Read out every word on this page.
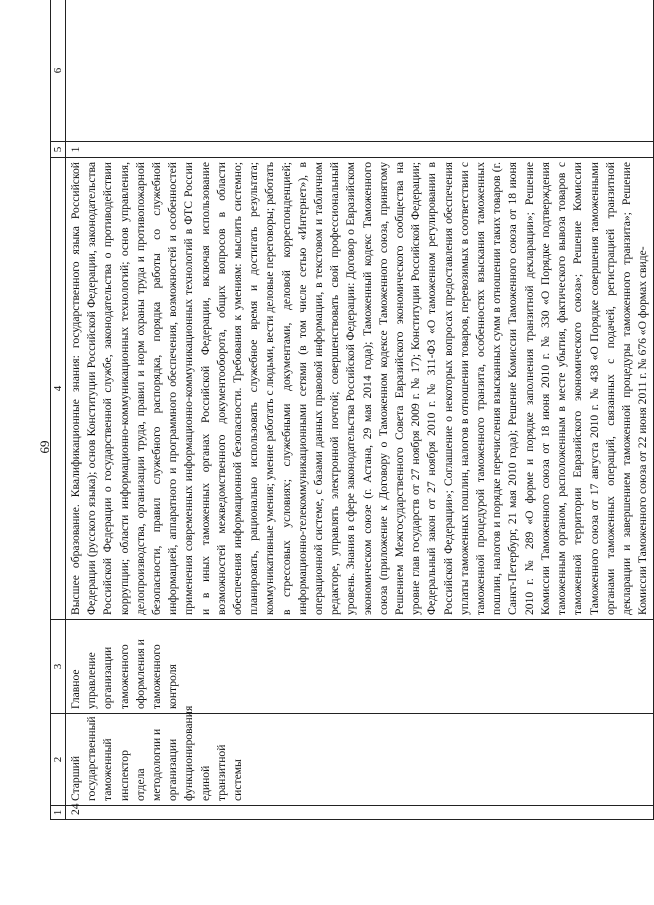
69
1	2	3	4	5	6
24	Старший государственный таможенный инспектор отдела методологии и организации функционирования единой транзитной системы	Главное управление организации таможенного оформления и таможенного контроля	Высшее образование. Квалификационные знания: государственного языка Российской Федерации (русского языка); основ Конституции Российской Федерации, законодательства Российской Федерации о государственной службе, законодательства о противодействии коррупции; области информационно-коммуникационных технологий; основ управления, делопроизводства, организации труда, правил и норм охраны труда и противопожарной безопасности, правил служебного распорядка, порядка работы со служебной информацией, аппаратного и программного обеспечения, возможностей и особенностей применения современных информационно-коммуникационных технологий в ФТС России и в иных таможенных органах Российской Федерации, включая использование возможностей межведомственного документооборота, общих вопросов в области обеспечения информационной безопасности. Требования к умениям: мыслить системно; планировать, рационально использовать служебное время и достигать результата; коммуникативные умения; умение работать с людьми, вести деловые переговоры; работать в стрессовых условиях; служебными документами, деловой корреспонденцией; информационно-телекоммуникационными сетями (в том числе сетью «Интернет»), в операционной системе, с базами данных правовой информации, в текстовом и табличном редакторе, управлять электронной почтой; совершенствовать свой профессиональный уровень. Знания в сфере законодательства Российской Федерации: Договор о Евразийском экономическом союзе (г. Астана, 29 мая 2014 года); Таможенный кодекс Таможенного союза (приложение к Договору о Таможенном кодексе Таможенного союза, принятому Решением Межгосударственного Совета Евразийского экономического сообщества на уровне глав государств от 27 ноября 2009 г. № 17); Конституции Российской Федерации; Федеральный закон от 27 ноября 2010 г. № 311-ФЗ «О таможенном регулировании в Российской Федерации»; Соглашение о некоторых вопросах предоставления обеспечения уплаты таможенных пошлин, налогов в отношении товаров, перевозимых в соответствии с таможенной процедурой таможенного транзита, особенностях взыскания таможенных пошлин, налогов и порядке перечисления взысканных сумм в отношении таких товаров (г. Санкт-Петербург, 21 мая 2010 года); Решение Комиссии Таможенного союза от 18 июня 2010 г. № 289 «О форме и порядке заполнения транзитной декларации»; Решение Комиссии Таможенного союза от 18 июня 2010 г. № 330 «О Порядке подтверждения таможенным органом, расположенным в месте убытия, фактического вывоза товаров с таможенной территории Евразийского экономического союза»; Решение Комиссии Таможенного союза от 17 августа 2010 г. № 438 «О Порядке совершения таможенными органами таможенных операций, связанных с подачей, регистрацией транзитной декларации и завершением таможенной процедуры таможенного транзита»; Решение Комиссии Таможенного союза от 22 июня 2011 г. № 676 «О формах свиде-	1	
